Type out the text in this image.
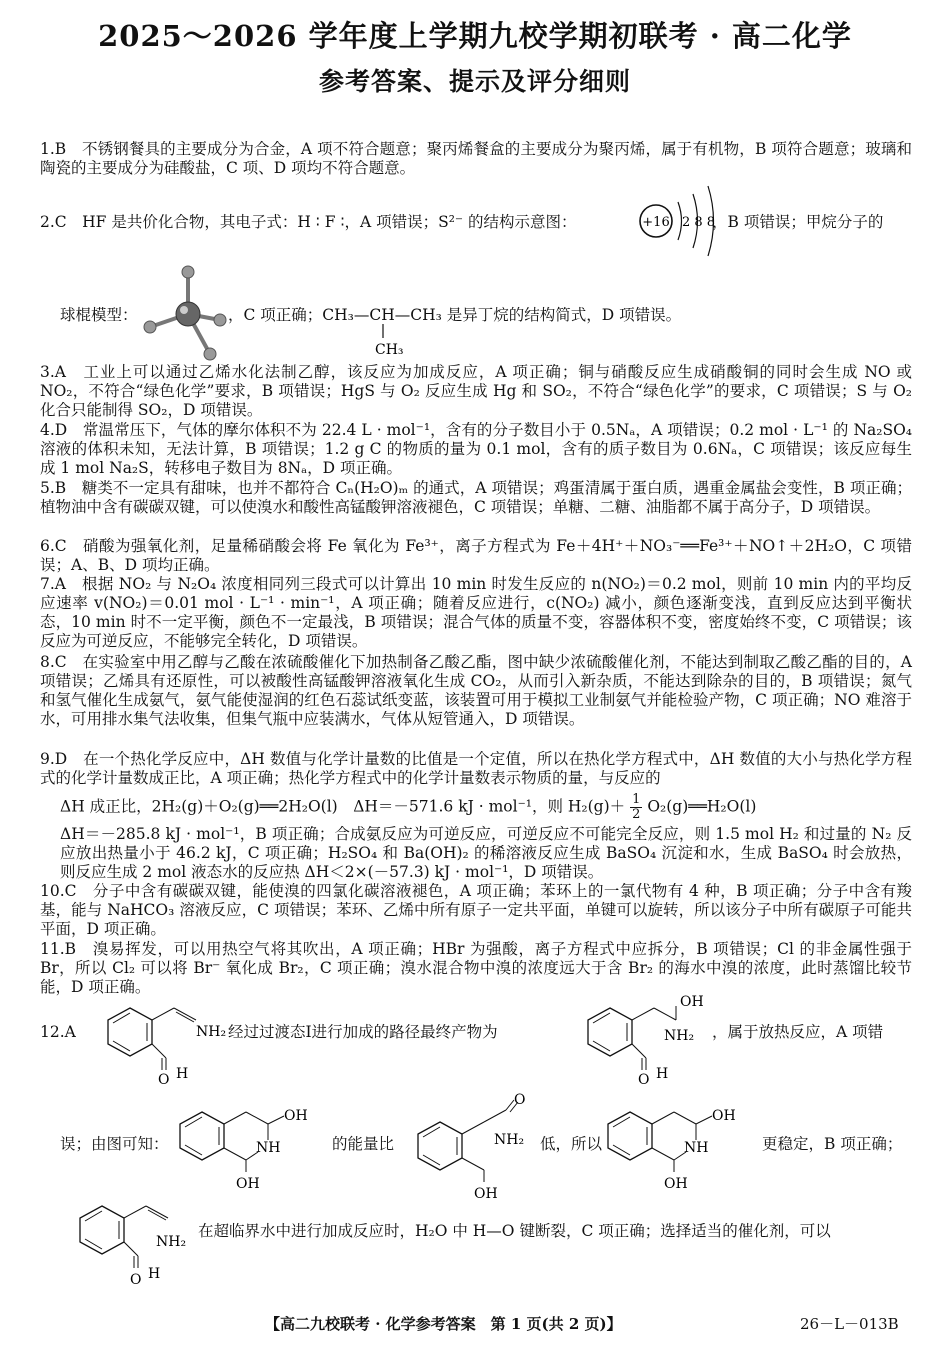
2025～2026 学年度上学期九校学期初联考 · 高二化学
参考答案、提示及评分细则
1.B　不锈钢餐具的主要成分为合金，A 项不符合题意；聚丙烯餐盒的主要成分为聚丙烯，属于有机物，B 项符合题意；玻璃和陶瓷的主要成分为硅酸盐，C 项、D 项均不符合题意。
2.C　HF 是共价化合物，其电子式：H ∶ F ∶，A 项错误；S²⁻ 的结构示意图：	+16 2 8 8
，B 项错误；甲烷分子的
球棍模型：	，C 项正确；CH₃—CH—CH₃ 是异丁烷的结构简式，D 项错误。
CH₃
3.A　工业上可以通过乙烯水化法制乙醇，该反应为加成反应，A 项正确；铜与硝酸反应生成硝酸铜的同时会生成 NO 或 NO₂，不符合“绿色化学”要求，B 项错误；HgS 与 O₂ 反应生成 Hg 和 SO₂，不符合“绿色化学”的要求，C 项错误；S 与 O₂ 化合只能制得 SO₂，D 项错误。
4.D　常温常压下，气体的摩尔体积不为 22.4 L · mol⁻¹，含有的分子数目小于 0.5Nₐ，A 项错误；0.2 mol · L⁻¹ 的 Na₂SO₄ 溶液的体积未知，无法计算，B 项错误；1.2 g C 的物质的量为 0.1 mol，含有的质子数目为 0.6Nₐ，C 项错误；该反应每生成 1 mol Na₂S，转移电子数目为 8Nₐ，D 项正确。
5.B　糖类不一定具有甜味，也并不都符合 Cₙ(H₂O)ₘ 的通式，A 项错误；鸡蛋清属于蛋白质，遇重金属盐会变性，B 项正确；植物油中含有碳碳双键，可以使溴水和酸性高锰酸钾溶液褪色，C 项错误；单糖、二糖、油脂都不属于高分子，D 项错误。
6.C　硝酸为强氧化剂，足量稀硝酸会将 Fe 氧化为 Fe³⁺，离子方程式为 Fe＋4H⁺＋NO₃⁻══Fe³⁺＋NO↑＋2H₂O，C 项错误；A、B、D 项均正确。
7.A　根据 NO₂ 与 N₂O₄ 浓度相同列三段式可以计算出 10 min 时发生反应的 n(NO₂)＝0.2 mol，则前 10 min 内的平均反应速率 v(NO₂)＝0.01 mol · L⁻¹ · min⁻¹，A 项正确；随着反应进行，c(NO₂) 减小，颜色逐渐变浅，直到反应达到平衡状态，10 min 时不一定平衡，颜色不一定最浅，B 项错误；混合气体的质量不变，容器体积不变，密度始终不变，C 项错误；该反应为可逆反应，不能够完全转化，D 项错误。
8.C　在实验室中用乙醇与乙酸在浓硫酸催化下加热制备乙酸乙酯，图中缺少浓硫酸催化剂，不能达到制取乙酸乙酯的目的，A 项错误；乙烯具有还原性，可以被酸性高锰酸钾溶液氧化生成 CO₂，从而引入新杂质，不能达到除杂的目的，B 项错误；氮气和氢气催化生成氨气，氨气能使湿润的红色石蕊试纸变蓝，该装置可用于模拟工业制氨气并能检验产物，C 项正确；NO 难溶于水，可用排水集气法收集，但集气瓶中应装满水，气体从短管通入，D 项错误。
9.D　在一个热化学反应中，ΔH 数值与化学计量数的比值是一个定值，所以在热化学方程式中，ΔH 数值的大小与热化学方程式的化学计量数成正比，A 项正确；热化学方程式中的化学计量数表示物质的量，与反应的
ΔH 成正比，2H₂(g)＋O₂(g)══2H₂O(l)　ΔH＝－571.6 kJ · mol⁻¹，则 $H_2(g)+ \frac{1}{2}$ O₂(g)══H₂O(l)
ΔH＝－285.8 kJ · mol⁻¹，B 项正确；合成氨反应为可逆反应，可逆反应不可能完全反应，则 1.5 mol H₂ 和过量的 N₂ 反应放出热量小于 46.2 kJ，C 项正确；H₂SO₄ 和 Ba(OH)₂ 的稀溶液反应生成 BaSO₄ 沉淀和水，生成 BaSO₄ 时会放热，则反应生成 2 mol 液态水的反应热 ΔH＜2×(－57.3) kJ · mol⁻¹，D 项错误。
10.C　分子中含有碳碳双键，能使溴的四氯化碳溶液褪色，A 项正确；苯环上的一氯代物有 4 种，B 项正确；分子中含有羧基，能与 NaHCO₃ 溶液反应，C 项错误；苯环、乙烯中所有原子一定共平面，单键可以旋转，所以该分子中所有碳原子可能共平面，D 项正确。
11.B　溴易挥发，可以用热空气将其吹出，A 项正确；HBr 为强酸，离子方程式中应拆分，B 项错误；Cl 的非金属性强于 Br，所以 Cl₂ 可以将 Br⁻ 氧化成 Br₂，C 项正确；溴水混合物中溴的浓度远大于含 Br₂ 的海水中溴的浓度，此时蒸馏比较节能，D 项正确。
12.A	NH₂
O H
经过过渡态Ⅰ进行加成的路径最终产物为
OH
NH₂
O H
，属于放热反应，A 项错
误；由图可知：
OH
NH
OH
的能量比
O
NH₂
OH
低，所以
OH
NH
OH
更稳定，B 项正确；
NH₂
O H
在超临界水中进行加成反应时，H₂O 中 H—O 键断裂，C 项正确；选择适当的催化剂，可以
【高二九校联考 · 化学参考答案　第 1 页(共 2 页)】	26－L－013B
